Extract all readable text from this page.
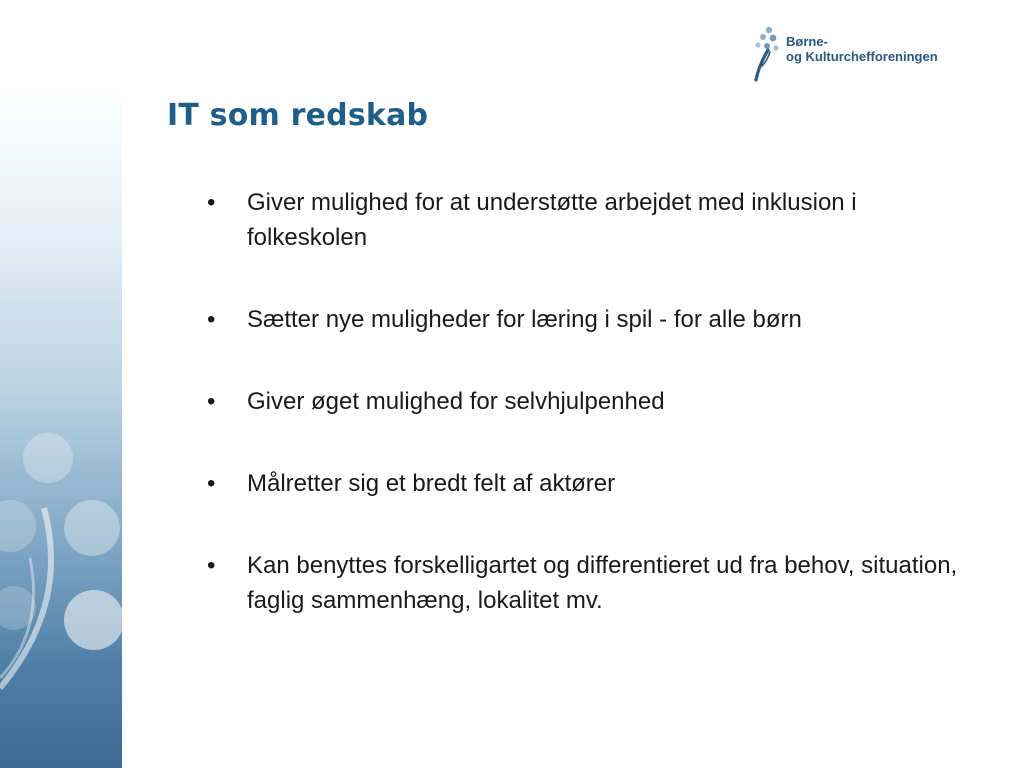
Børne-
og Kulturchefforeningen
IT som redskab
• Giver mulighed for at understøtte arbejdet med inklusion i folkeskolen
• Sætter nye muligheder for læring i spil - for alle børn
• Giver øget mulighed for selvhjulpenhed
• Målretter sig et bredt felt af aktører
• Kan benyttes forskelligartet og differentieret ud fra behov, situation, faglig sammenhæng, lokalitet mv.
